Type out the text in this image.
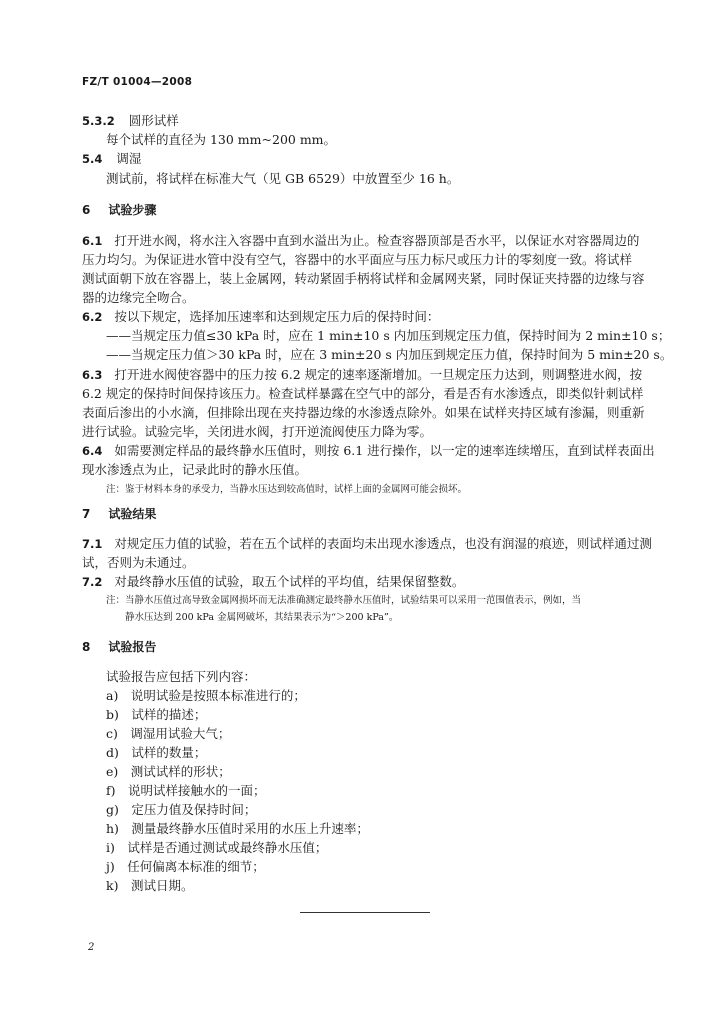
FZ/T 01004—2008
5.3.2 圆形试样
每个试样的直径为 130 mm~200 mm。
5.4 调湿
测试前，将试样在标准大气（见 GB 6529）中放置至少 16 h。
6 试验步骤
6.1 打开进水阀，将水注入容器中直到水溢出为止。检查容器顶部是否水平，以保证水对容器周边的
压力均匀。为保证进水管中没有空气，容器中的水平面应与压力标尺或压力计的零刻度一致。将试样
测试面朝下放在容器上，装上金属网，转动紧固手柄将试样和金属网夹紧，同时保证夹持器的边缘与容
器的边缘完全吻合。
6.2 按以下规定，选择加压速率和达到规定压力后的保持时间：
——当规定压力值≤30 kPa 时，应在 1 min±10 s 内加压到规定压力值，保持时间为 2 min±10 s；
——当规定压力值＞30 kPa 时，应在 3 min±20 s 内加压到规定压力值，保持时间为 5 min±20 s。
6.3 打开进水阀使容器中的压力按 6.2 规定的速率逐渐增加。一旦规定压力达到，则调整进水阀，按
6.2 规定的保持时间保持该压力。检查试样暴露在空气中的部分，看是否有水渗透点，即类似针刺试样
表面后渗出的小水滴，但排除出现在夹持器边缘的水渗透点除外。如果在试样夹持区域有渗漏，则重新
进行试验。试验完毕，关闭进水阀，打开逆流阀使压力降为零。
6.4 如需要测定样品的最终静水压值时，则按 6.1 进行操作，以一定的速率连续增压，直到试样表面出
现水渗透点为止，记录此时的静水压值。
注：鉴于材料本身的承受力，当静水压达到较高值时，试样上面的金属网可能会损坏。
7 试验结果
7.1 对规定压力值的试验，若在五个试样的表面均未出现水渗透点，也没有润湿的痕迹，则试样通过测
试，否则为未通过。
7.2 对最终静水压值的试验，取五个试样的平均值，结果保留整数。
注：当静水压值过高导致金属网损坏而无法准确测定最终静水压值时，试验结果可以采用一范围值表示，例如，当
静水压达到 200 kPa 金属网破坏，其结果表示为“＞200 kPa”。
8 试验报告
试验报告应包括下列内容：
a)　说明试验是按照本标准进行的；
b)　试样的描述；
c)　调湿用试验大气；
d)　试样的数量；
e)　测试试样的形状；
f)　说明试样接触水的一面；
g)　定压力值及保持时间；
h)　测量最终静水压值时采用的水压上升速率；
i)　试样是否通过测试或最终静水压值；
j)　任何偏离本标准的细节；
k)　测试日期。
2
